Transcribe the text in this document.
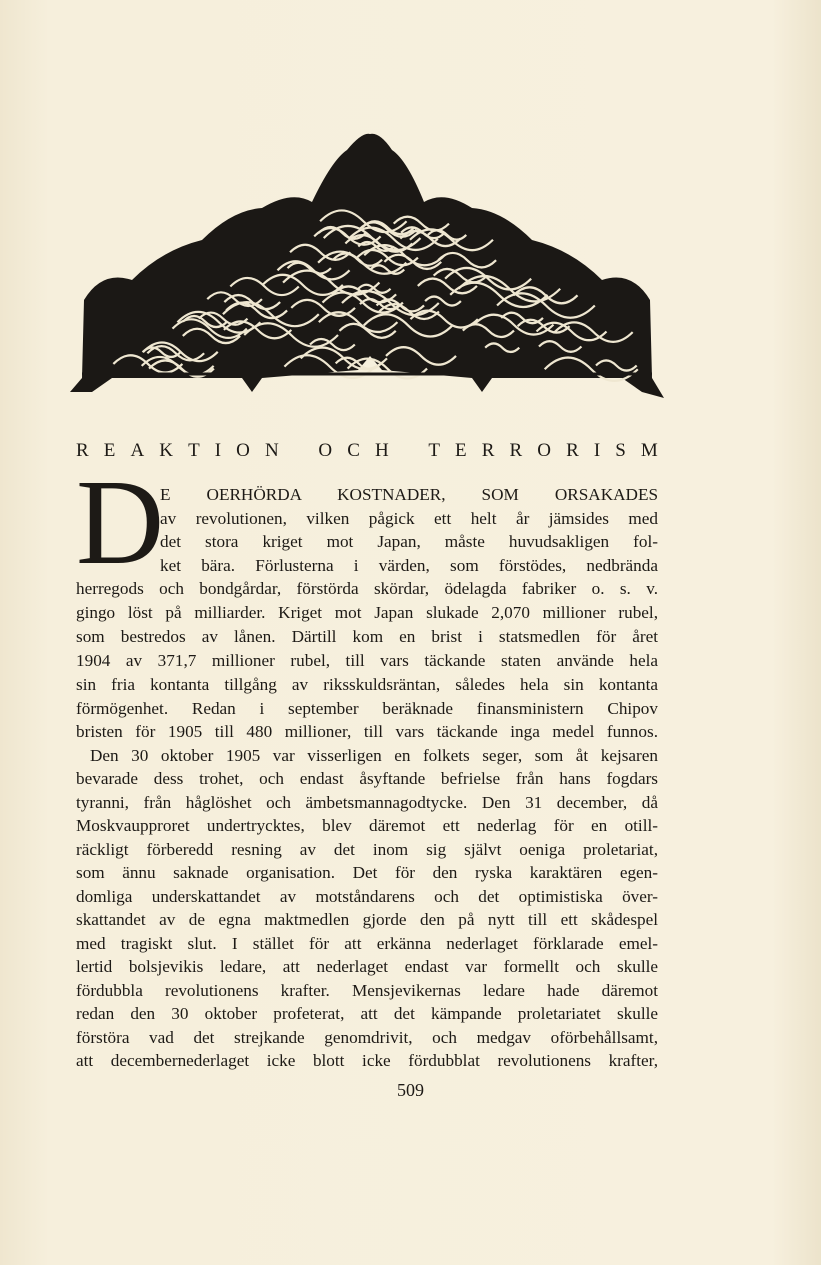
R E A K T I O N
O C H
T E R R O R I S M
D
E OERHÖRDA KOSTNADER, SOM ORSAKADES
av revolutionen, vilken pågick ett helt år jämsides med
det stora kriget mot Japan, måste huvudsakligen fol-
ket bära. Förlusterna i värden, som förstödes, nedbrända
herregods och bondgårdar, förstörda skördar, ödelagda fabriker o. s. v.
gingo löst på milliarder. Kriget mot Japan slukade 2,070 millioner rubel,
som bestredos av lånen. Därtill kom en brist i statsmedlen för året
1904 av 371,7 millioner rubel, till vars täckande staten använde hela
sin fria kontanta tillgång av riksskuldsräntan, således hela sin kontanta
förmögenhet. Redan i september beräknade finansministern Chipov
bristen för 1905 till 480 millioner, till vars täckande inga medel funnos.
Den 30 oktober 1905 var visserligen en folkets seger, som åt kejsaren
bevarade dess trohet, och endast åsyftande befrielse från hans fogdars
tyranni, från håglöshet och ämbetsmannagodtycke. Den 31 december, då
Moskvaupproret undertrycktes, blev däremot ett nederlag för en otill-
räckligt förberedd resning av det inom sig självt oeniga proletariat,
som ännu saknade organisation. Det för den ryska karaktären egen-
domliga underskattandet av motståndarens och det optimistiska över-
skattandet av de egna maktmedlen gjorde den på nytt till ett skådespel
med tragiskt slut. I stället för att erkänna nederlaget förklarade emel-
lertid bolsjevikis ledare, att nederlaget endast var formellt och skulle
fördubbla revolutionens krafter. Mensjevikernas ledare hade däremot
redan den 30 oktober profeterat, att det kämpande proletariatet skulle
förstöra vad det strejkande genomdrivit, och medgav oförbehållsamt,
att decembernederlaget icke blott icke fördubblat revolutionens krafter,
509
